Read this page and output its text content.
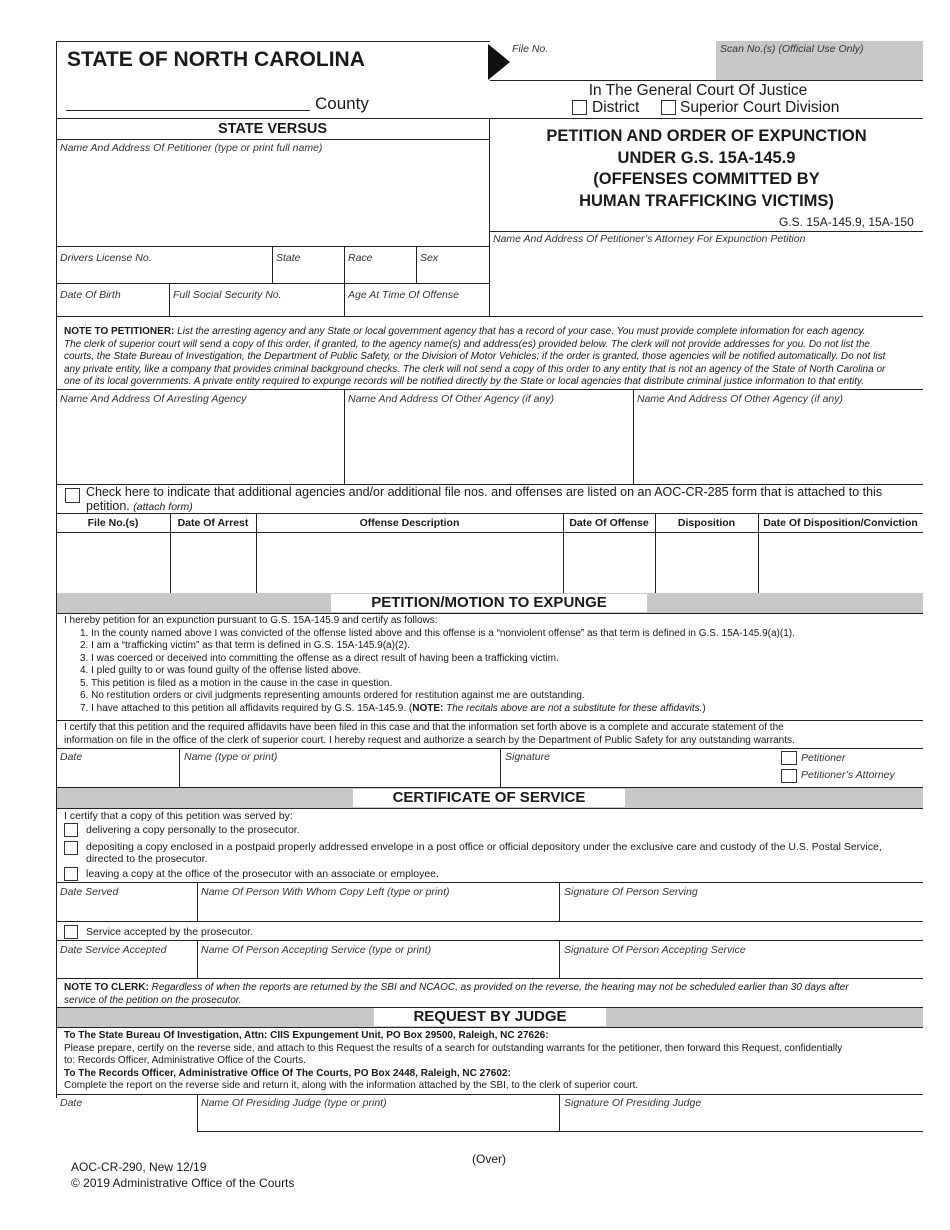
STATE OF NORTH CAROLINA
County
File No.	Scan No.(s) (Official Use Only)
In The General Court Of Justice
District	Superior Court Division
STATE VERSUS
Name And Address Of Petitioner (type or print full name)
PETITION AND ORDER OF EXPUNCTION
UNDER G.S. 15A-145.9
(OFFENSES COMMITTED BY
HUMAN TRAFFICKING VICTIMS)
G.S. 15A-145.9, 15A-150
Name And Address Of Petitioner’s Attorney For Expunction Petition
Drivers License No.	State	Race	Sex
Date Of Birth	Full Social Security No.	Age At Time Of Offense
NOTE TO PETITIONER: List the arresting agency and any State or local government agency that has a record of your case. You must provide complete information for each agency.
The clerk of superior court will send a copy of this order, if granted, to the agency name(s) and address(es) provided below. The clerk will not provide addresses for you. Do not list the
courts, the State Bureau of Investigation, the Department of Public Safety, or the Division of Motor Vehicles; if the order is granted, those agencies will be notified automatically. Do not list
any private entity, like a company that provides criminal background checks. The clerk will not send a copy of this order to any entity that is not an agency of the State of North Carolina or
one of its local governments. A private entity required to expunge records will be notified directly by the State or local agencies that distribute criminal justice information to that entity.
Name And Address Of Arresting Agency	Name And Address Of Other Agency (if any)	Name And Address Of Other Agency (if any)
Check here to indicate that additional agencies and/or additional file nos. and offenses are listed on an AOC-CR-285 form that is attached to this
petition. (attach form)
File No.(s)	Date Of Arrest	Offense Description	Date Of Offense	Disposition	Date Of Disposition/Conviction
PETITION/MOTION TO EXPUNGE
I hereby petition for an expunction pursuant to G.S. 15A-145.9 and certify as follows:
1. In the county named above I was convicted of the offense listed above and this offense is a “nonviolent offense” as that term is defined in G.S. 15A-145.9(a)(1).
2. I am a “trafficking victim” as that term is defined in G.S. 15A-145.9(a)(2).
3. I was coerced or deceived into committing the offense as a direct result of having been a trafficking victim.
4. I pled guilty to or was found guilty of the offense listed above.
5. This petition is filed as a motion in the cause in the case in question.
6. No restitution orders or civil judgments representing amounts ordered for restitution against me are outstanding.
7. I have attached to this petition all affidavits required by G.S. 15A-145.9. (NOTE: The recitals above are not a substitute for these affidavits.)
I certify that this petition and the required affidavits have been filed in this case and that the information set forth above is a complete and accurate statement of the
information on file in the office of the clerk of superior court. I hereby request and authorize a search by the Department of Public Safety for any outstanding warrants.
Date	Name (type or print)	Signature	Petitioner
Petitioner’s Attorney
CERTIFICATE OF SERVICE
I certify that a copy of this petition was served by:
delivering a copy personally to the prosecutor.
depositing a copy enclosed in a postpaid properly addressed envelope in a post office or official depository under the exclusive care and custody of the U.S. Postal Service,
directed to the prosecutor.
leaving a copy at the office of the prosecutor with an associate or employee.
Date Served	Name Of Person With Whom Copy Left (type or print)	Signature Of Person Serving
Service accepted by the prosecutor.
Date Service Accepted	Name Of Person Accepting Service (type or print)	Signature Of Person Accepting Service
NOTE TO CLERK: Regardless of when the reports are returned by the SBI and NCAOC, as provided on the reverse, the hearing may not be scheduled earlier than 30 days after
service of the petition on the prosecutor.
REQUEST BY JUDGE
To The State Bureau Of Investigation, Attn: CIIS Expungement Unit, PO Box 29500, Raleigh, NC 27626:
Please prepare, certify on the reverse side, and attach to this Request the results of a search for outstanding warrants for the petitioner, then forward this Request, confidentially
to: Records Officer, Administrative Office of the Courts.
To The Records Officer, Administrative Office Of The Courts, PO Box 2448, Raleigh, NC 27602:
Complete the report on the reverse side and return it, along with the information attached by the SBI, to the clerk of superior court.
Date	Name Of Presiding Judge (type or print)	Signature Of Presiding Judge
(Over)
AOC-CR-290, New 12/19
© 2019 Administrative Office of the Courts
